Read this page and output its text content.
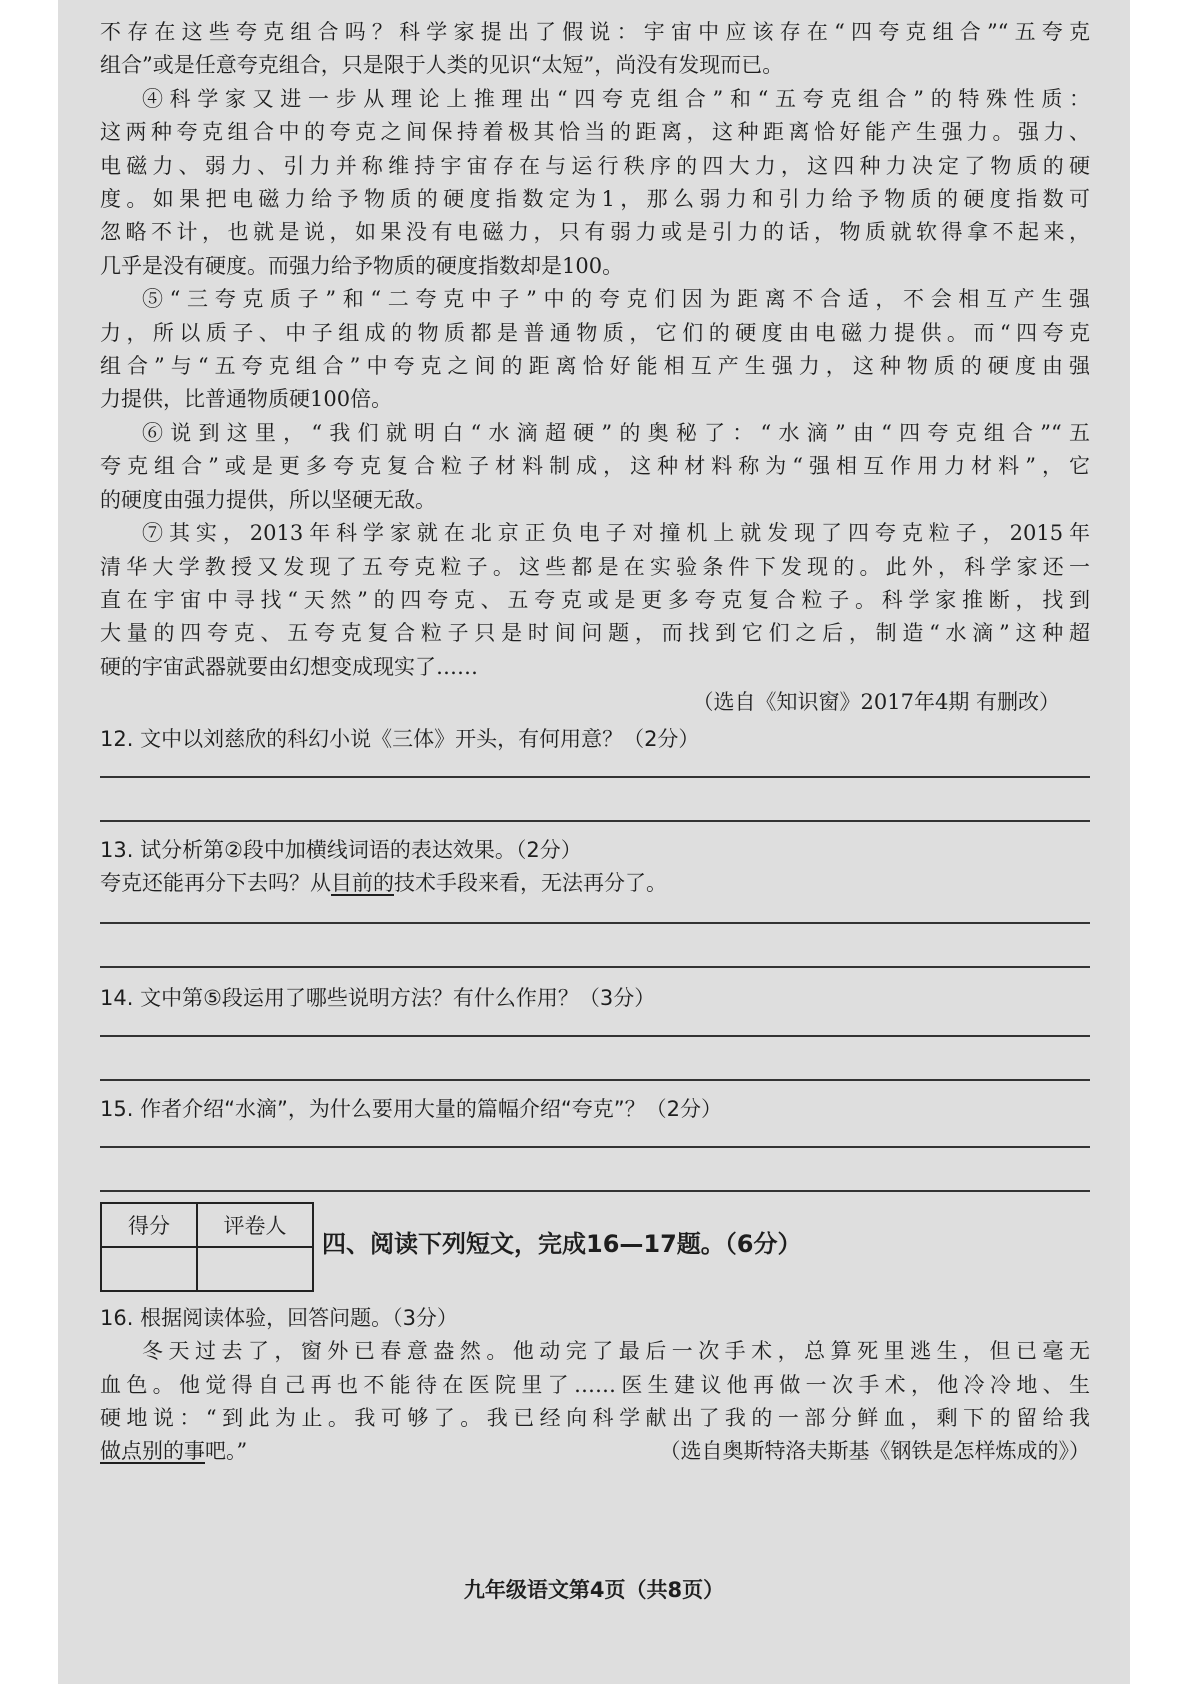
不存在这些夸克组合吗？科学家提出了假说：宇宙中应该存在“四夸克组合”“五夸克

组合”或是任意夸克组合，只是限于人类的见识“太短”，尚没有发现而已。

④科学家又进一步从理论上推理出“四夸克组合”和“五夸克组合”的特殊性质：

这两种夸克组合中的夸克之间保持着极其恰当的距离，这种距离恰好能产生强力。强力、

电磁力、弱力、引力并称维持宇宙存在与运行秩序的四大力，这四种力决定了物质的硬

度。如果把电磁力给予物质的硬度指数定为1，那么弱力和引力给予物质的硬度指数可

忽略不计，也就是说，如果没有电磁力，只有弱力或是引力的话，物质就软得拿不起来，

几乎是没有硬度。而强力给予物质的硬度指数却是100。

⑤“三夸克质子”和“二夸克中子”中的夸克们因为距离不合适，不会相互产生强

力，所以质子、中子组成的物质都是普通物质，它们的硬度由电磁力提供。而“四夸克

组合”与“五夸克组合”中夸克之间的距离恰好能相互产生强力，这种物质的硬度由强

力提供，比普通物质硬100倍。

⑥说到这里，“我们就明白“水滴超硬”的奥秘了：“水滴”由“四夸克组合”“五

夸克组合”或是更多夸克复合粒子材料制成，这种材料称为“强相互作用力材料”，它

的硬度由强力提供，所以坚硬无敌。

⑦其实，2013年科学家就在北京正负电子对撞机上就发现了四夸克粒子，2015年

清华大学教授又发现了五夸克粒子。这些都是在实验条件下发现的。此外，科学家还一

直在宇宙中寻找“天然”的四夸克、五夸克或是更多夸克复合粒子。科学家推断，找到

大量的四夸克、五夸克复合粒子只是时间问题，而找到它们之后，制造“水滴”这种超

硬的宇宙武器就要由幻想变成现实了……

（选自《知识窗》2017年4期 有删改）

12. 文中以刘慈欣的科幻小说《三体》开头，有何用意？（2分）

13. 试分析第②段中加横线词语的表达效果。（2分）

夸克还能再分下去吗？从目前的技术手段来看，无法再分了。

14. 文中第⑤段运用了哪些说明方法？有什么作用？（3分）

15. 作者介绍“水滴”，为什么要用大量的篇幅介绍“夸克”？（2分）

得分	评卷人

四、阅读下列短文，完成16—17题。（6分）

16. 根据阅读体验，回答问题。（3分）

冬天过去了，窗外已春意盎然。他动完了最后一次手术，总算死里逃生，但已毫无

血色。他觉得自己再也不能待在医院里了……医生建议他再做一次手术，他冷冷地、生

硬地说：“到此为止。我可够了。我已经向科学献出了我的一部分鲜血，剩下的留给我

做点别的事吧。”	（选自奥斯特洛夫斯基《钢铁是怎样炼成的》）
九年级语文第4页（共8页）
